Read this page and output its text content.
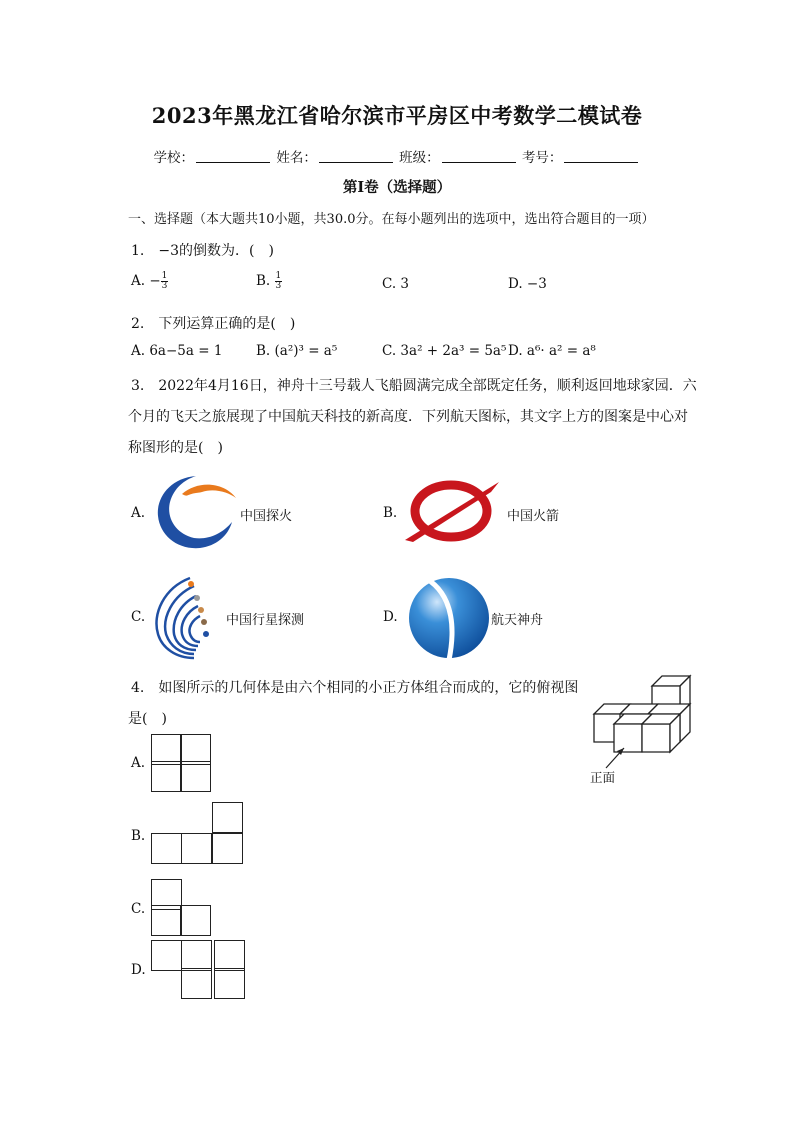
2023年黑龙江省哈尔滨市平房区中考数学二模试卷
学校：	姓名：	班级：	考号：
第Ⅰ卷（选择题）
一、选择题（本大题共10小题，共30.0分。在每小题列出的选项中，选出符合题目的一项）
1.　−3的倒数为．(　)
A. − $\frac{1}{3}$	B. $\frac{1}{3}$	C. 3	D. −3
2.　下列运算正确的是(　)
A. 6a−5a = 1 B. (a²)³ = a⁵	C. 3a² + 2a³ = 5a⁵ D. a⁶· a² = a⁸
3.　2022年4月16日，神舟十三号载人飞船圆满完成全部既定任务，顺利返回地球家园．六
个月的飞天之旅展现了中国航天科技的新高度．下列航天图标，其文字上方的图案是中心对
称图形的是(　)
A.	中国探火	B.	中国火箭
C.	中国行星探测	D.	航天神舟
4.　如图所示的几何体是由六个相同的小正方体组合而成的，它的俯视图
是(　)
正面
A.
B.
C.
D.
